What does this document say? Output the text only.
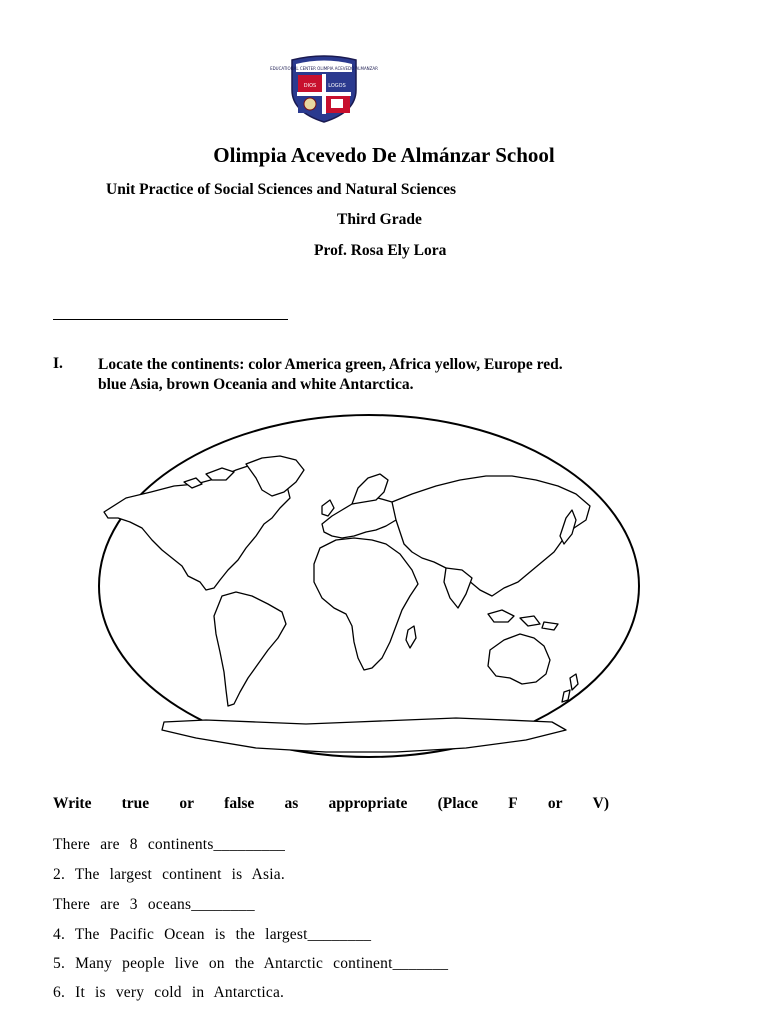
EDUCATIONAL CENTER OLIMPIA ACEVEDO ALMANZAR
DIOS LOGOS
Olimpia Acevedo De Almánzar School
Unit Practice of Social Sciences and Natural Sciences
Third Grade
Prof. Rosa Ely Lora
I. Locate the continents: color America green, Africa yellow, Europe red.
blue Asia, brown Oceania and white Antarctica.
Write true or false as appropriate (Place F or V)
There are 8 continents_________
2. The largest continent is Asia.
There are 3 oceans________
4. The Pacific Ocean is the largest________
5. Many people live on the Antarctic continent_______
6. It is very cold in Antarctica.
